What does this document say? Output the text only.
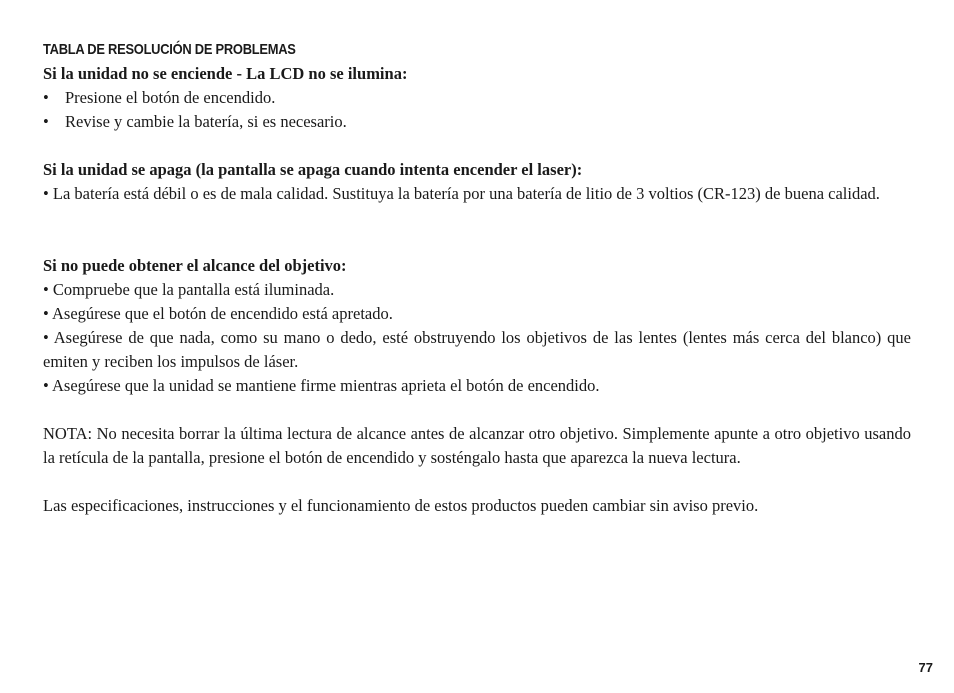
TABLA DE RESOLUCIÓN DE PROBLEMAS

Si la unidad no se enciende - La LCD no se ilumina:

• Presione el botón de encendido.
• Revise y cambie la batería, si es necesario.

Si la unidad se apaga (la pantalla se apaga cuando intenta encender el laser):

• La batería está débil o es de mala calidad. Sustituya la batería por una batería de litio de 3 voltios (CR-123) de buena calidad.

Si no puede obtener el alcance del objetivo:

• Compruebe que la pantalla está iluminada.

• Asegúrese que el botón de encendido está apretado.

• Asegúrese de que nada, como su mano o dedo, esté obstruyendo los objetivos de las lentes (lentes más cerca del blanco) que emiten y reciben los impulsos de láser.

• Asegúrese que la unidad se mantiene firme mientras aprieta el botón de encendido.

NOTA: No necesita borrar la última lectura de alcance antes de alcanzar otro objetivo. Simplemente apunte a otro objetivo usando la retícula de la pantalla, presione el botón de encendido y sosténgalo hasta que aparezca la nueva lectura.

Las especificaciones, instrucciones y el funcionamiento de estos productos pueden cambiar sin aviso previo.

77
